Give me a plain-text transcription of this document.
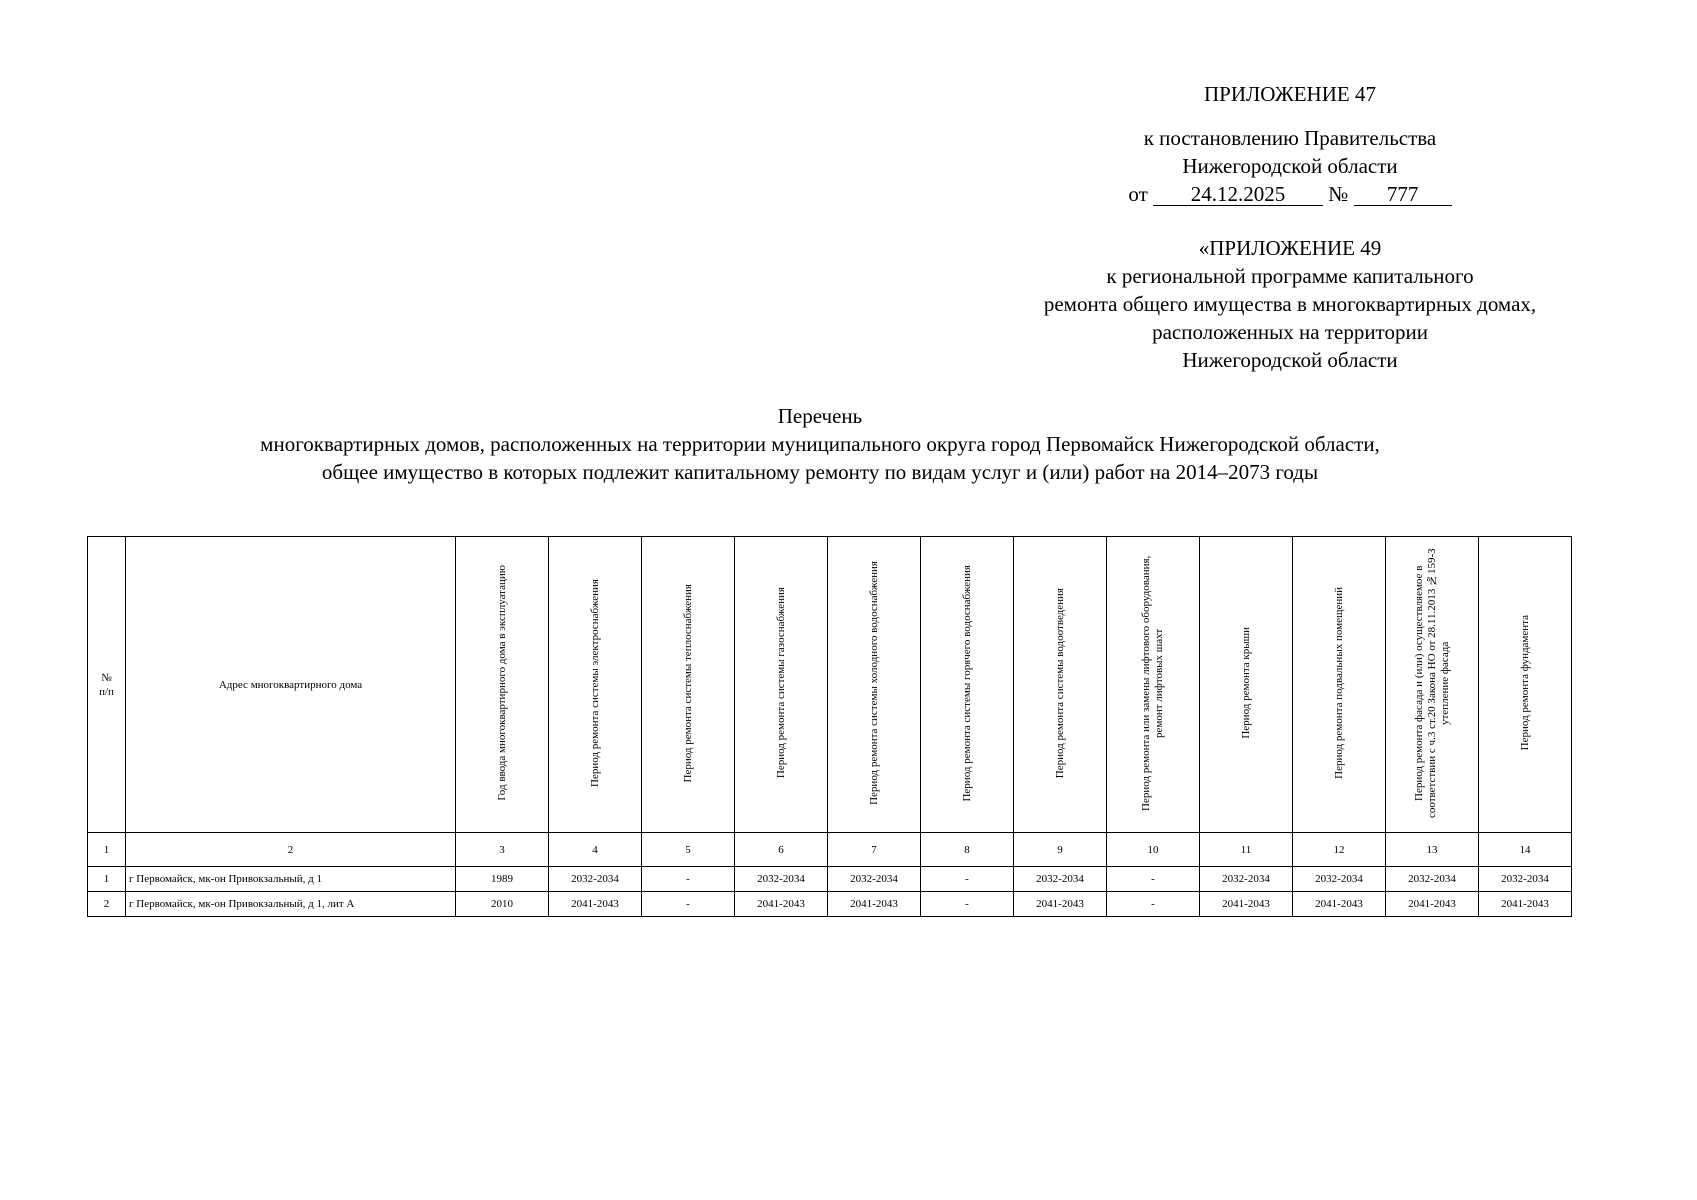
ПРИЛОЖЕНИЕ 47
к постановлению Правительства
Нижегородской области
от 24.12.2025 № 777
«ПРИЛОЖЕНИЕ 49
к региональной программе капитального
ремонта общего имущества в многоквартирных домах,
расположенных на территории
Нижегородской области
Перечень
многоквартирных домов, расположенных на территории муниципального округа город Первомайск Нижегородской области,
общее имущество в которых подлежит капитальному ремонту по видам услуг и (или) работ на 2014–2073 годы
№
п/п	Адрес многоквартирного дома	Год ввода многоквартирного дома в эксплуатацию	Период ремонта системы электроснабжения	Период ремонта системы теплоснабжения	Период ремонта системы газоснабжения	Период ремонта системы холодного водоснабжения	Период ремонта системы горячего водоснабжения	Период ремонта системы водоотведения	Период ремонта или замены лифтового оборудования, ремонт лифтовых шахт	Период ремонта крыши	Период ремонта подвальных помещений	Период ремонта фасада и (или) осуществляемое в соответствии с ч.3 ст.20 Закона НО от 28.11.2013 №159-З утепление фасада	Период ремонта фундамента
1	2	3	4	5	6	7	8	9	10	11	12	13	14
1	г Первомайск, мк-он Привокзальный, д 1	1989	2032-2034	-	2032-2034	2032-2034	-	2032-2034	-	2032-2034	2032-2034	2032-2034	2032-2034
2	г Первомайск, мк-он Привокзальный, д 1, лит А	2010	2041-2043	-	2041-2043	2041-2043	-	2041-2043	-	2041-2043	2041-2043	2041-2043	2041-2043
